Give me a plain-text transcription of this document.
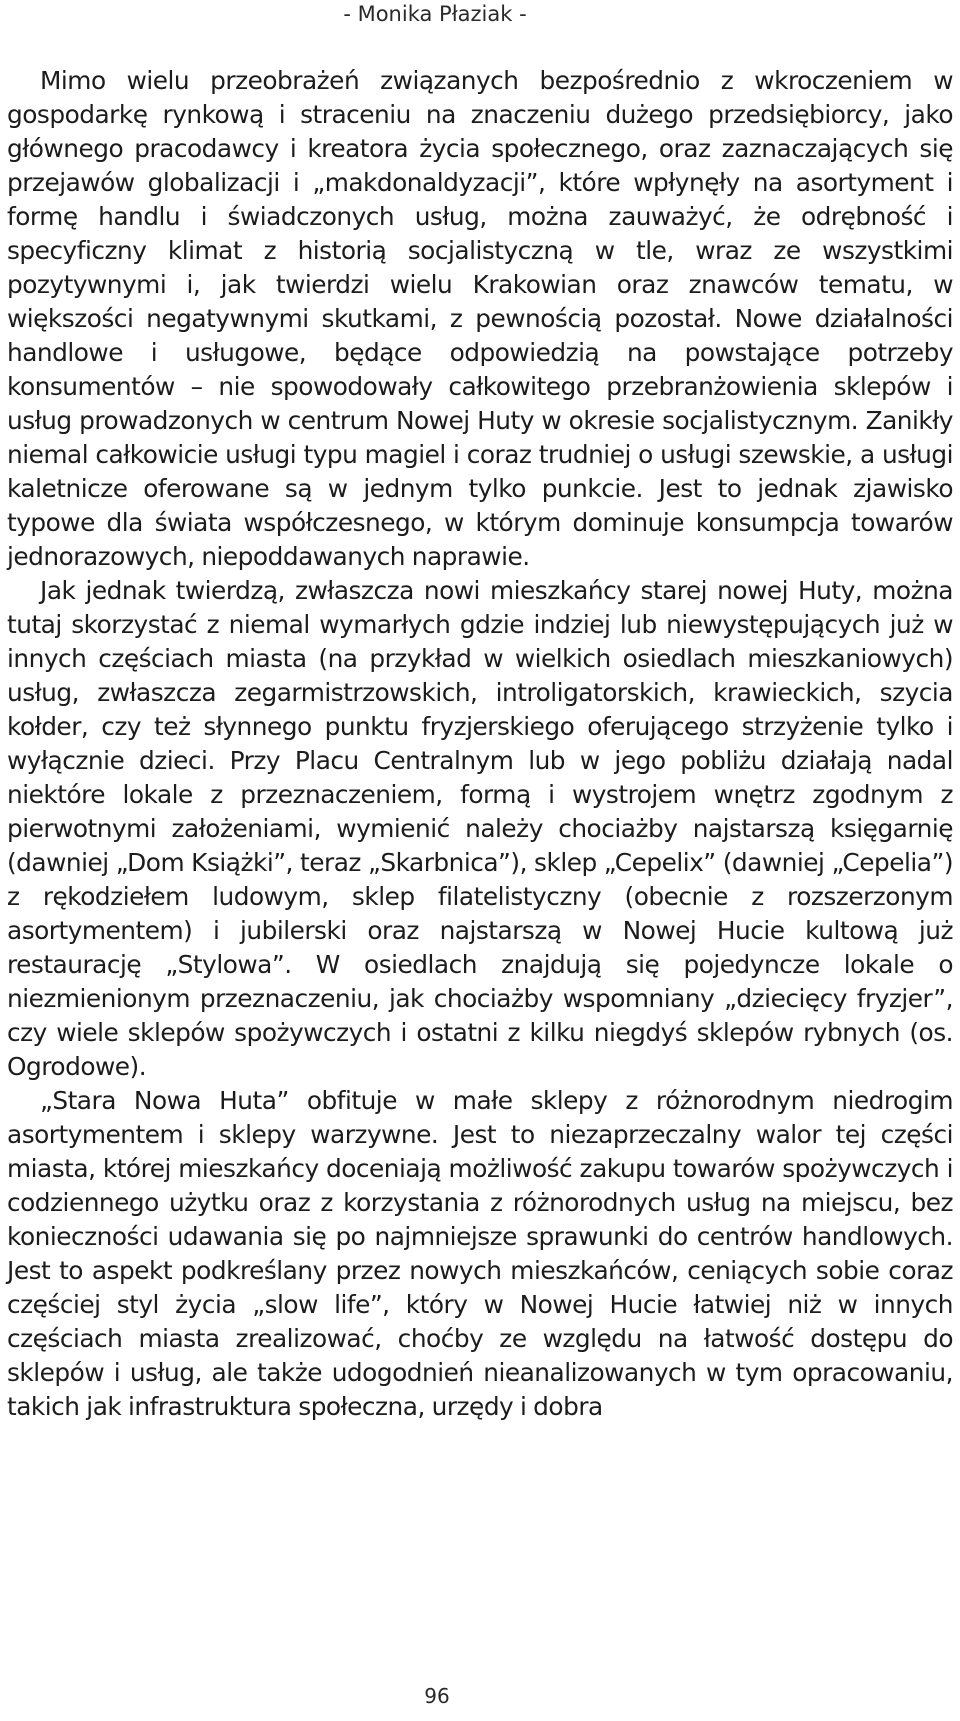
- Monika Płaziak -

Mimo wielu przeobrażeń związanych bezpośrednio z wkroczeniem w gospodarkę rynkową i straceniu na znaczeniu dużego przedsiębiorcy, jako głównego pracodawcy i kreatora życia społecznego, oraz zaznaczających się przejawów globalizacji i „makdonaldyzacji”, które wpłynęły na asortyment i formę handlu i świadczonych usług, można zauważyć, że odrębność i specyficzny klimat z historią socjalistyczną w tle, wraz ze wszystkimi pozytywnymi i, jak twierdzi wielu Krakowian oraz znawców tematu, w większości negatywnymi skutkami, z pewnością pozostał. Nowe działalności handlowe i usługowe, będące odpowiedzią na powstające potrzeby konsumentów – nie spowodowały całkowitego przebranżowienia sklepów i usług prowadzonych w centrum Nowej Huty w okresie socjalistycznym. Zanikły niemal całkowicie usługi typu magiel i coraz trudniej o usługi szewskie, a usługi kaletnicze oferowane są w jednym tylko punkcie. Jest to jednak zjawisko typowe dla świata współczesnego, w którym dominuje konsumpcja towarów jednorazowych, niepoddawanych naprawie.

Jak jednak twierdzą, zwłaszcza nowi mieszkańcy starej nowej Huty, można tutaj skorzystać z niemal wymarłych gdzie indziej lub niewystępujących już w innych częściach miasta (na przykład w wielkich osiedlach mieszkaniowych) usług, zwłaszcza zegarmistrzowskich, introligatorskich, krawieckich, szycia kołder, czy też słynnego punktu fryzjerskiego oferującego strzyżenie tylko i wyłącznie dzieci. Przy Placu Centralnym lub w jego pobliżu działają nadal niektóre lokale z przeznaczeniem, formą i wystrojem wnętrz zgodnym z pierwotnymi założeniami, wymienić należy chociażby najstarszą księgarnię (dawniej „Dom Książki”, teraz „Skarbnica”), sklep „Cepelix” (dawniej „Cepelia”) z rękodziełem ludowym, sklep filatelistyczny (obecnie z rozszerzonym asortymentem) i jubilerski oraz najstarszą w Nowej Hucie kultową już restaurację „Stylowa”. W osiedlach znajdują się pojedyncze lokale o niezmienionym przeznaczeniu, jak chociażby wspomniany „dziecięcy fryzjer”, czy wiele sklepów spożywczych i ostatni z kilku niegdyś sklepów rybnych (os. Ogrodowe).

„Stara Nowa Huta” obfituje w małe sklepy z różnorodnym niedrogim asortymentem i sklepy warzywne. Jest to niezaprzeczalny walor tej części miasta, której mieszkańcy doceniają możliwość zakupu towarów spożywczych i codziennego użytku oraz z korzystania z różnorodnych usług na miejscu, bez konieczności udawania się po najmniejsze sprawunki do centrów handlowych. Jest to aspekt podkreślany przez nowych mieszkańców, ceniących sobie coraz częściej styl życia „slow life”, który w Nowej Hucie łatwiej niż w innych częściach miasta zrealizować, choćby ze względu na łatwość dostępu do sklepów i usług, ale także udogodnień nieanalizowanych w tym opracowaniu, takich jak infrastruktura społeczna, urzędy i dobra

96
